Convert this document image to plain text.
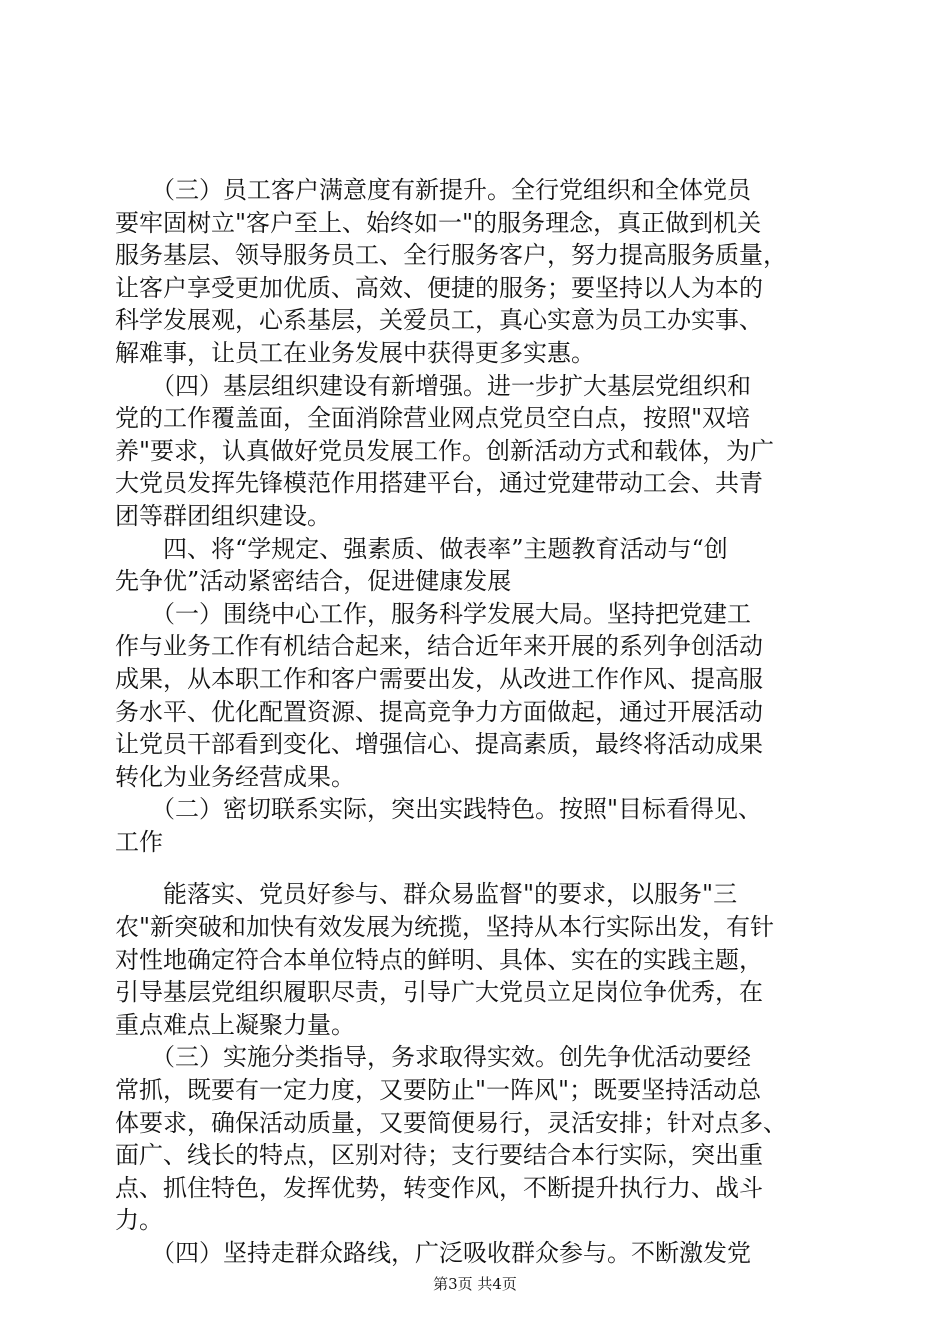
　　（三）员工客户满意度有新提升。全行党组织和全体党员
要牢固树立"客户至上、始终如一"的服务理念，真正做到机关
服务基层、领导服务员工、全行服务客户，努力提高服务质量，
让客户享受更加优质、高效、便捷的服务；要坚持以人为本的
科学发展观，心系基层，关爱员工，真心实意为员工办实事、
解难事，让员工在业务发展中获得更多实惠。
　　（四）基层组织建设有新增强。进一步扩大基层党组织和
党的工作覆盖面，全面消除营业网点党员空白点，按照"双培
养"要求，认真做好党员发展工作。创新活动方式和载体，为广
大党员发挥先锋模范作用搭建平台，通过党建带动工会、共青
团等群团组织建设。
　　四、将“学规定、强素质、做表率”主题教育活动与“创
先争优”活动紧密结合，促进健康发展
　　（一）围绕中心工作，服务科学发展大局。坚持把党建工
作与业务工作有机结合起来，结合近年来开展的系列争创活动
成果，从本职工作和客户需要出发，从改进工作作风、提高服
务水平、优化配置资源、提高竞争力方面做起，通过开展活动
让党员干部看到变化、增强信心、提高素质，最终将活动成果
转化为业务经营成果。
　　（二）密切联系实际，突出实践特色。按照"目标看得见、
工作
　　能落实、党员好参与、群众易监督"的要求，以服务"三
农"新突破和加快有效发展为统揽，坚持从本行实际出发，有针
对性地确定符合本单位特点的鲜明、具体、实在的实践主题，
引导基层党组织履职尽责，引导广大党员立足岗位争优秀，在
重点难点上凝聚力量。
　　（三）实施分类指导，务求取得实效。创先争优活动要经
常抓，既要有一定力度，又要防止"一阵风"；既要坚持活动总
体要求，确保活动质量，又要简便易行，灵活安排；针对点多、
面广、线长的特点，区别对待；支行要结合本行实际，突出重
点、抓住特色，发挥优势，转变作风，不断提升执行力、战斗
力。
　　（四）坚持走群众路线，广泛吸收群众参与。不断激发党
第3页 共4页
